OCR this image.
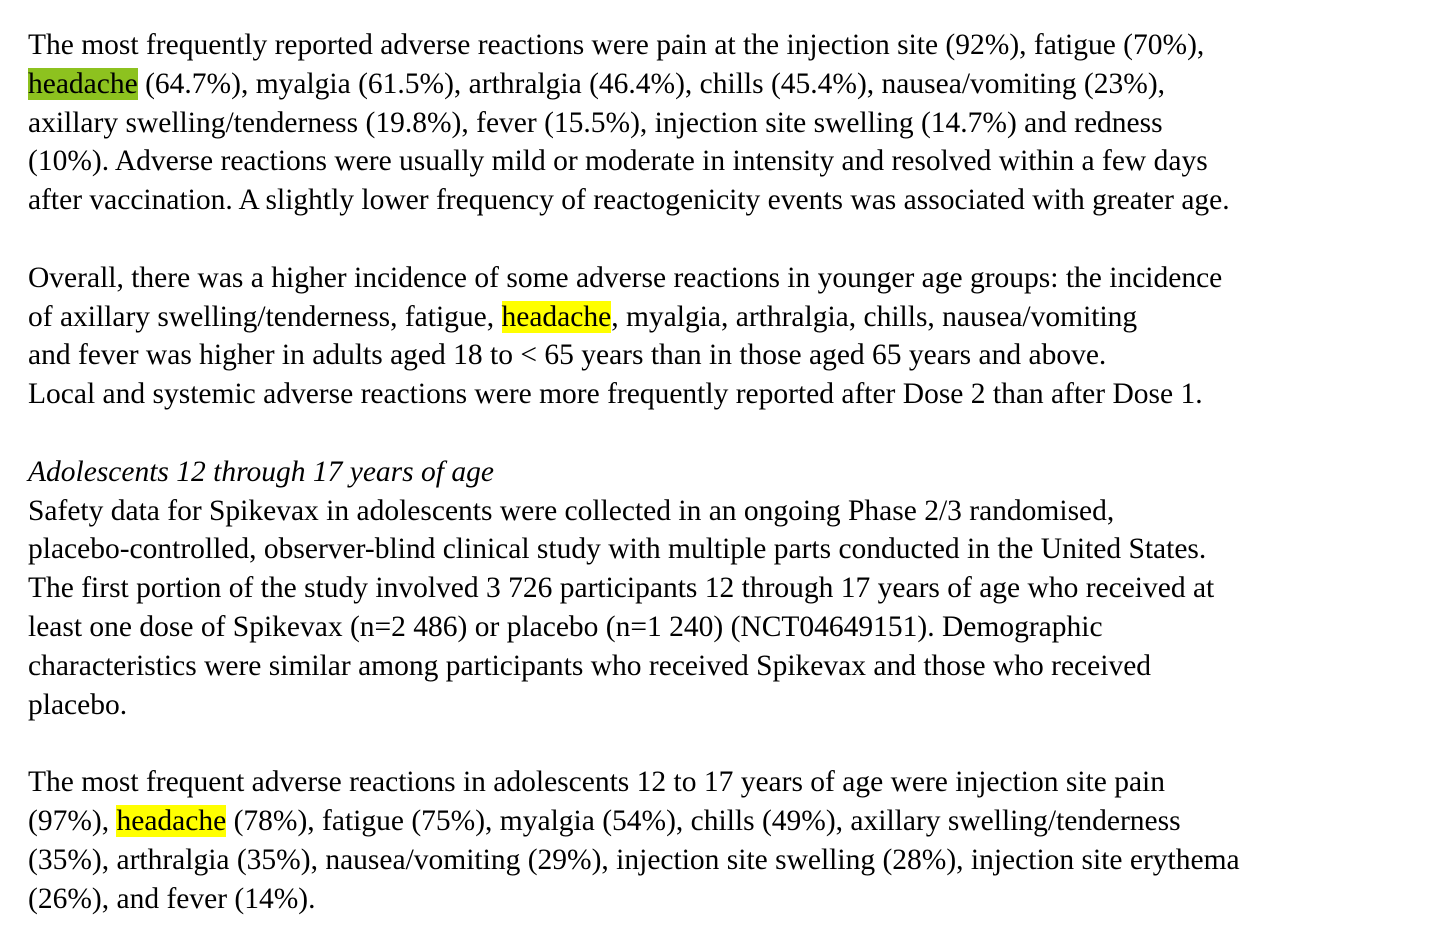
The most frequently reported adverse reactions were pain at the injection site (92%), fatigue (70%),
headache (64.7%), myalgia (61.5%), arthralgia (46.4%), chills (45.4%), nausea/vomiting (23%),
axillary swelling/tenderness (19.8%), fever (15.5%), injection site swelling (14.7%) and redness
(10%). Adverse reactions were usually mild or moderate in intensity and resolved within a few days
after vaccination. A slightly lower frequency of reactogenicity events was associated with greater age.
Overall, there was a higher incidence of some adverse reactions in younger age groups: the incidence
of axillary swelling/tenderness, fatigue, headache, myalgia, arthralgia, chills, nausea/vomiting
and fever was higher in adults aged 18 to < 65 years than in those aged 65 years and above.
Local and systemic adverse reactions were more frequently reported after Dose 2 than after Dose 1.
Adolescents 12 through 17 years of age
Safety data for Spikevax in adolescents were collected in an ongoing Phase 2/3 randomised,
placebo-controlled, observer-blind clinical study with multiple parts conducted in the United States.
The first portion of the study involved 3 726 participants 12 through 17 years of age who received at
least one dose of Spikevax (n=2 486) or placebo (n=1 240) (NCT04649151). Demographic
characteristics were similar among participants who received Spikevax and those who received
placebo.
The most frequent adverse reactions in adolescents 12 to 17 years of age were injection site pain
(97%), headache (78%), fatigue (75%), myalgia (54%), chills (49%), axillary swelling/tenderness
(35%), arthralgia (35%), nausea/vomiting (29%), injection site swelling (28%), injection site erythema
(26%), and fever (14%).
